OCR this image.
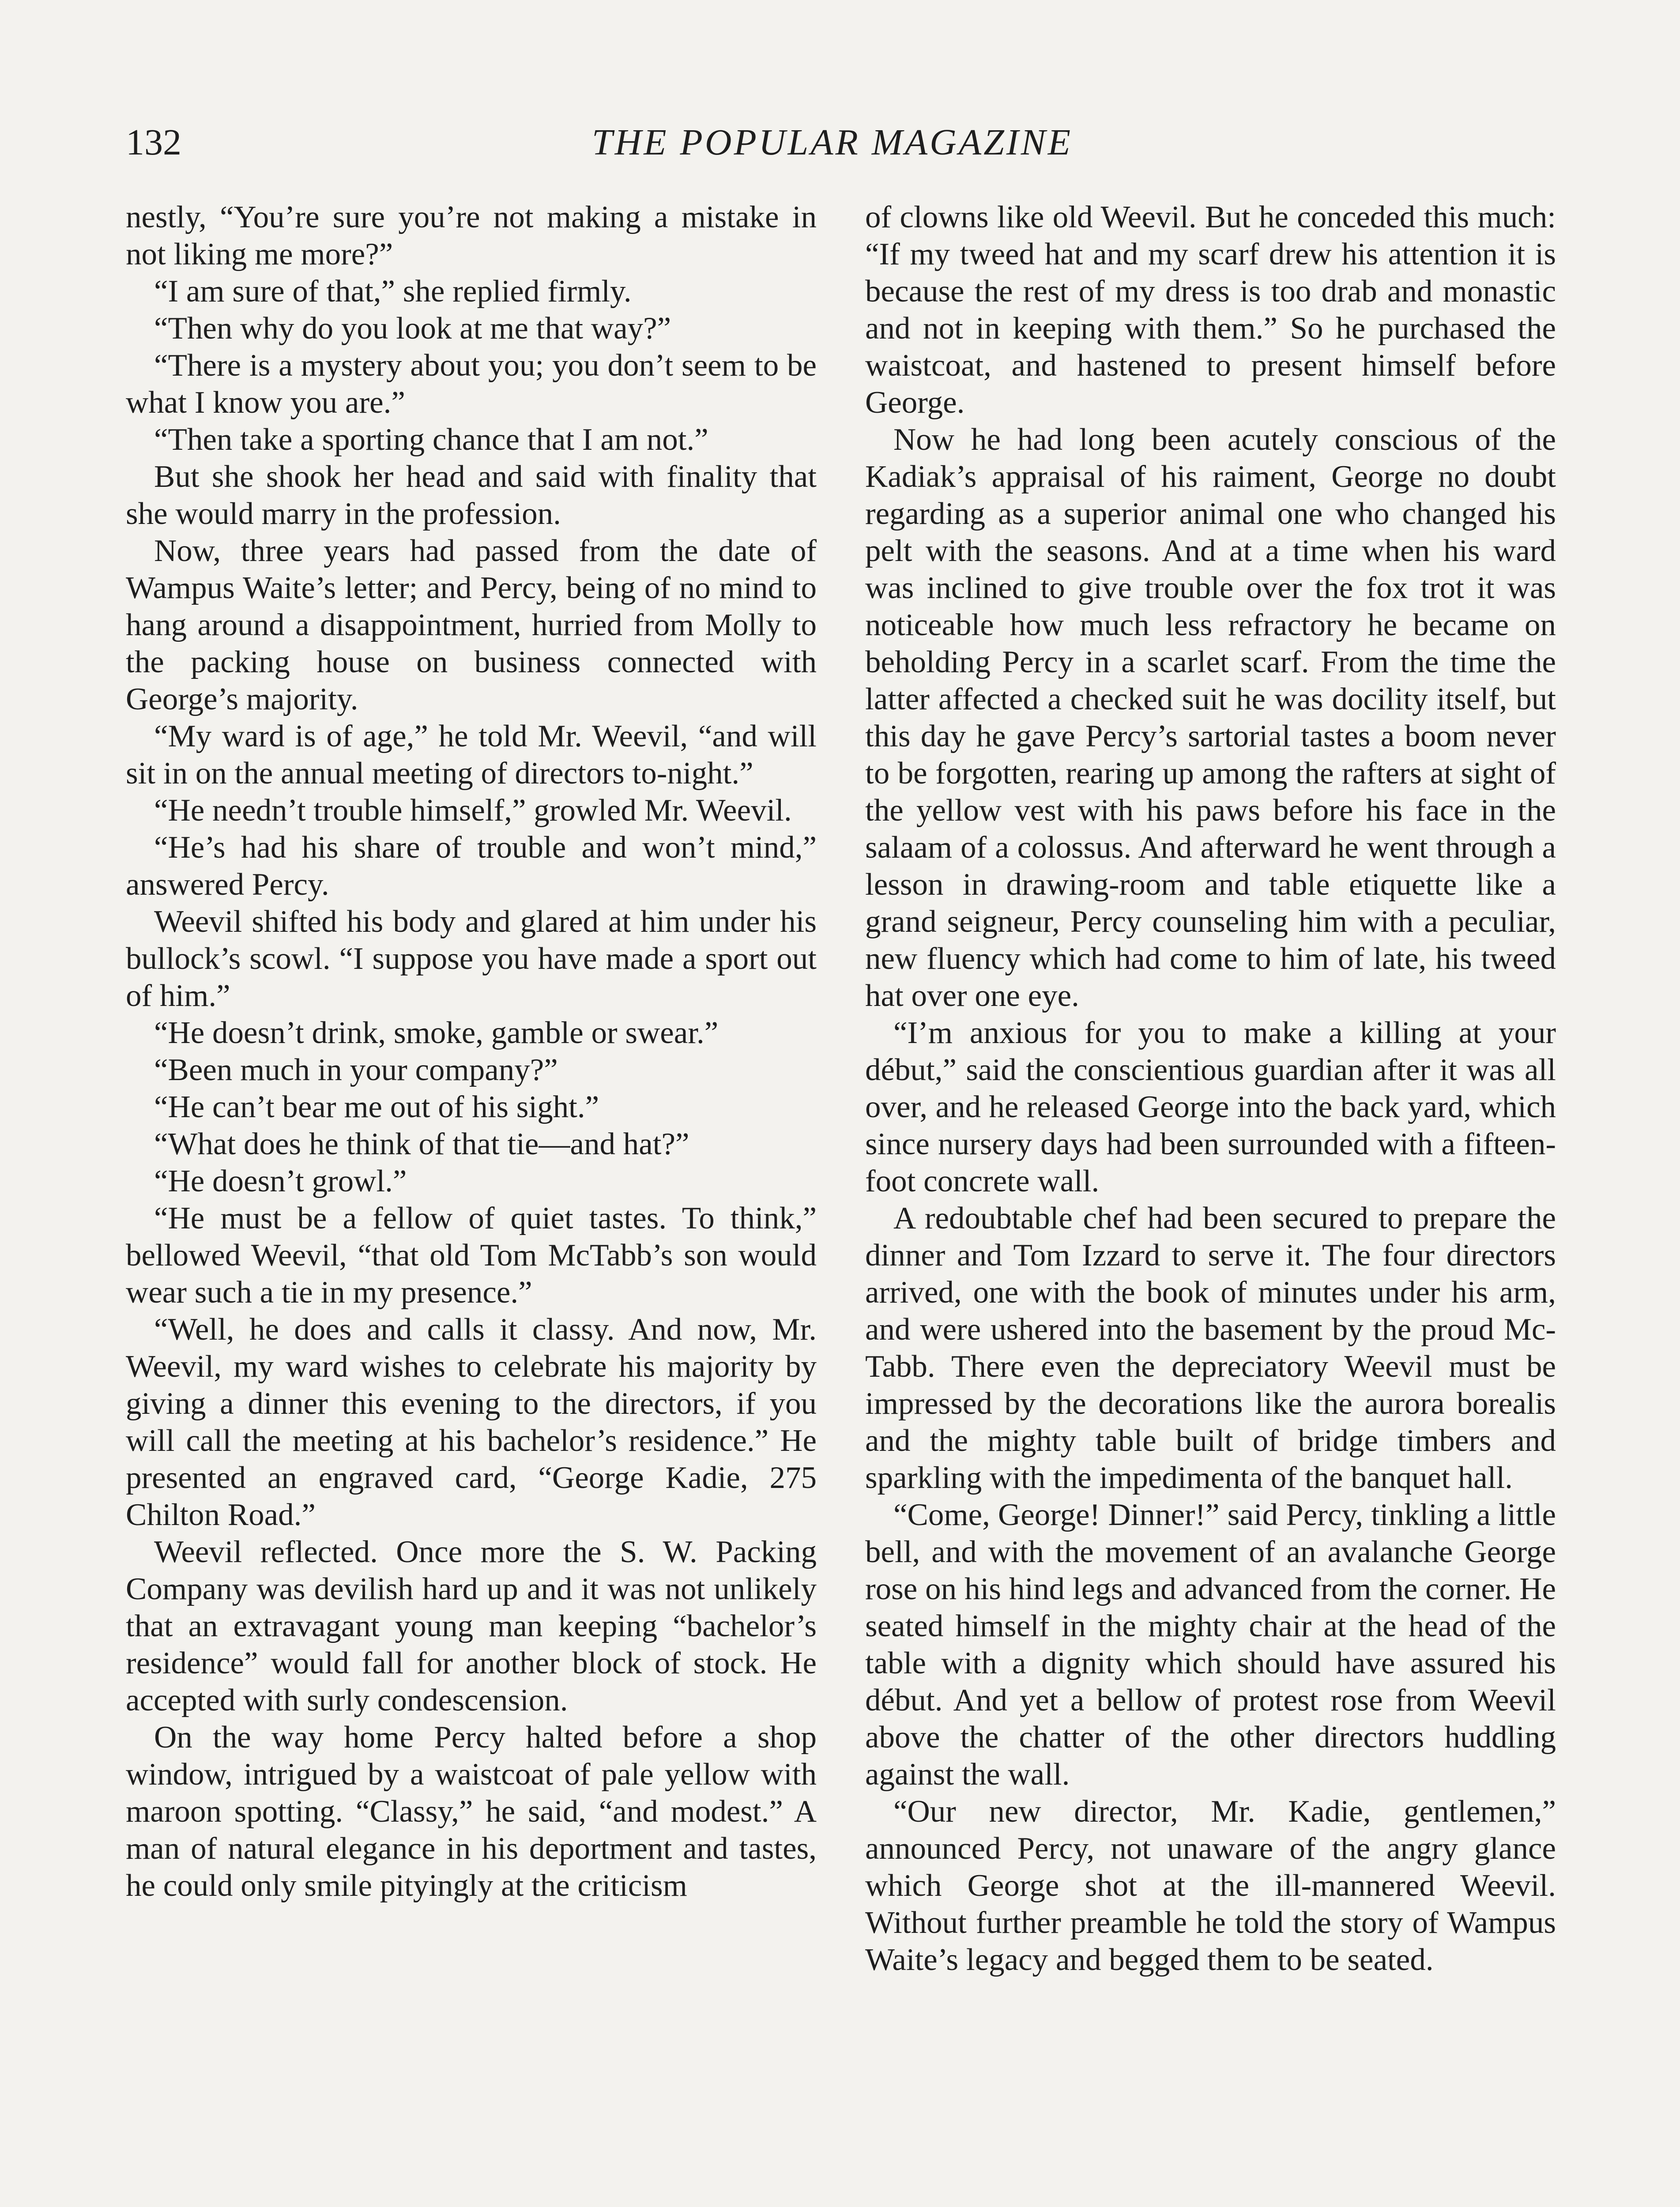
132	THE POPULAR MAGAZINE

nestly, “You’re sure you’re not making a mistake in not liking me more?”

“I am sure of that,” she replied firmly.

“Then why do you look at me that way?”

“There is a mystery about you; you don’t seem to be what I know you are.”

“Then take a sporting chance that I am not.”

But she shook her head and said with finality that she would marry in the profession.

Now, three years had passed from the date of Wampus Waite’s letter; and Percy, being of no mind to hang around a disappointment, hurried from Molly to the packing house on business connected with George’s majority.

“My ward is of age,” he told Mr. Weevil, “and will sit in on the annual meeting of directors to-night.”

“He needn’t trouble himself,” growled Mr. Weevil.

“He’s had his share of trouble and won’t mind,” answered Percy.

Weevil shifted his body and glared at him under his bullock’s scowl. “I suppose you have made a sport out of him.”

“He doesn’t drink, smoke, gamble or swear.”

“Been much in your company?”

“He can’t bear me out of his sight.”

“What does he think of that tie—and hat?”

“He doesn’t growl.”

“He must be a fellow of quiet tastes. To think,” bellowed Weevil, “that old Tom McTabb’s son would wear such a tie in my presence.”

“Well, he does and calls it classy. And now, Mr. Weevil, my ward wishes to celebrate his majority by giving a dinner this evening to the directors, if you will call the meeting at his bachelor’s residence.” He presented an engraved card, “George Kadie, 275 Chilton Road.”

Weevil reflected. Once more the S. W. Packing Company was devilish hard up and it was not unlikely that an extravagant young man keeping “bachelor’s residence” would fall for another block of stock. He accepted with surly condescension.

On the way home Percy halted before a shop window, intrigued by a waistcoat of pale yellow with maroon spotting. “Classy,” he said, “and modest.” A man of natural elegance in his deportment and tastes, he could only smile pityingly at the criticism

of clowns like old Weevil. But he conceded this much: “If my tweed hat and my scarf drew his attention it is because the rest of my dress is too drab and monastic and not in keeping with them.” So he purchased the waistcoat, and hastened to present himself before George.

Now he had long been acutely conscious of the Kadiak’s appraisal of his raiment, George no doubt regarding as a superior animal one who changed his pelt with the seasons. And at a time when his ward was inclined to give trouble over the fox trot it was noticeable how much less refractory he became on beholding Percy in a scarlet scarf. From the time the latter affected a checked suit he was docility itself, but this day he gave Percy’s sartorial tastes a boom never to be forgotten, rearing up among the rafters at sight of the yellow vest with his paws before his face in the salaam of a colossus. And afterward he went through a lesson in drawing-room and table etiquette like a grand seigneur, Percy counseling him with a peculiar, new fluency which had come to him of late, his tweed hat over one eye.

“I’m anxious for you to make a killing at your début,” said the conscientious guardian after it was all over, and he released George into the back yard, which since nursery days had been surrounded with a fifteen-foot concrete wall.

A redoubtable chef had been secured to prepare the dinner and Tom Izzard to serve it. The four directors arrived, one with the book of minutes under his arm, and were ushered into the basement by the proud McTabb. There even the depreciatory Weevil must be impressed by the decorations like the aurora borealis and the mighty table built of bridge timbers and sparkling with the impedimenta of the banquet hall.

“Come, George! Dinner!” said Percy, tinkling a little bell, and with the movement of an avalanche George rose on his hind legs and advanced from the corner. He seated himself in the mighty chair at the head of the table with a dignity which should have assured his début. And yet a bellow of protest rose from Weevil above the chatter of the other directors huddling against the wall.

“Our new director, Mr. Kadie, gentlemen,” announced Percy, not unaware of the angry glance which George shot at the ill-mannered Weevil. Without further preamble he told the story of Wampus Waite’s legacy and begged them to be seated.
